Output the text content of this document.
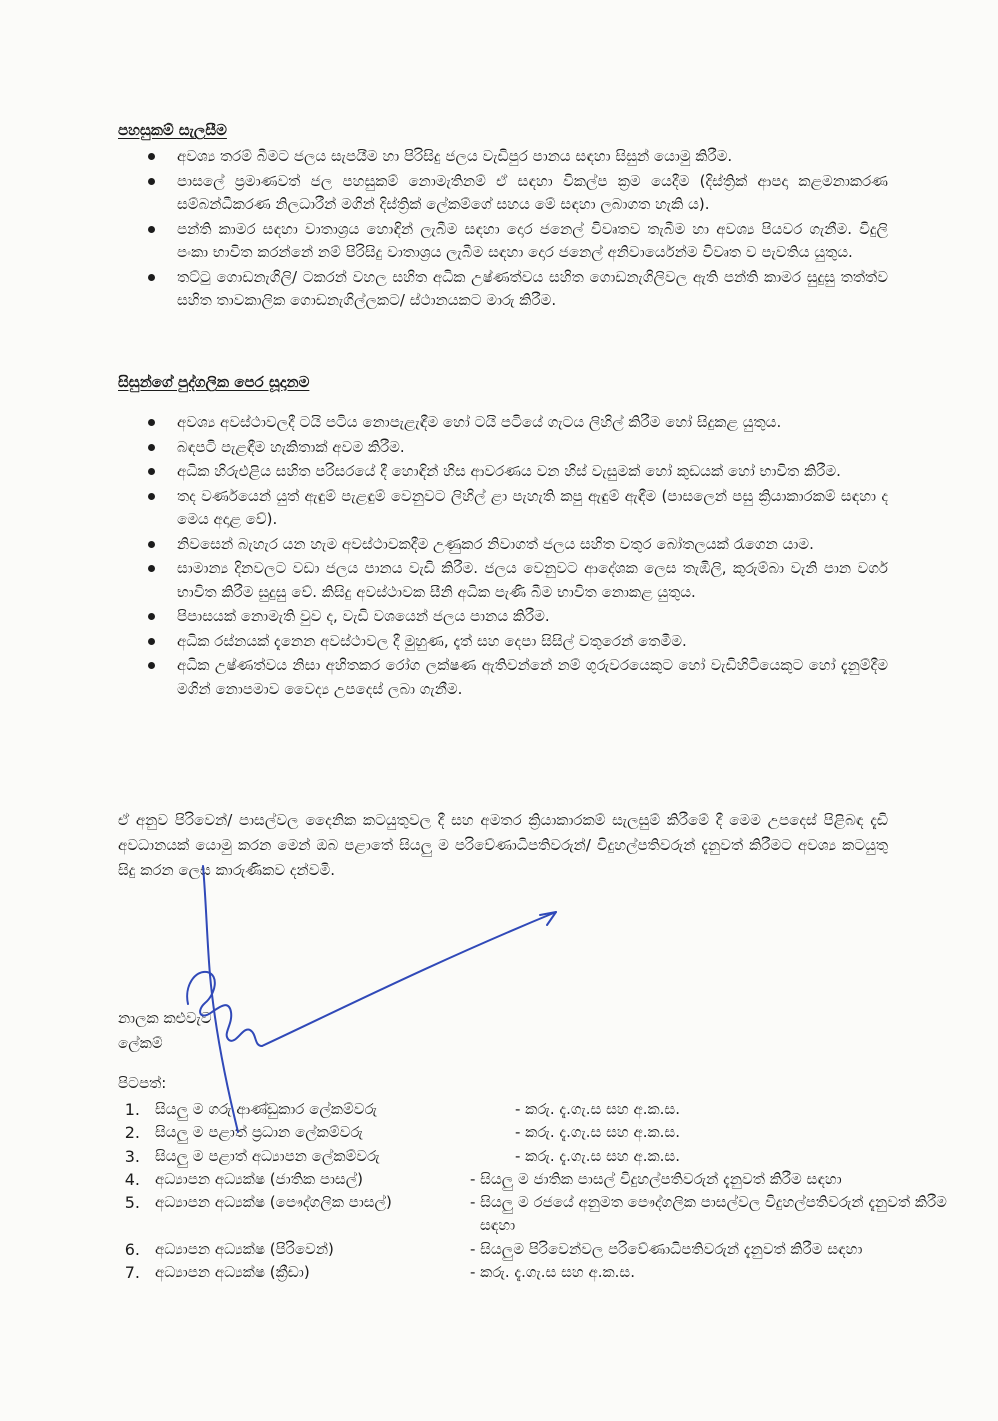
පහසුකම් සැලසීම
අවශ්‍ය තරම් බීමට ජලය සැපයීම හා පිරිසිදු ජලය වැඩිපුර පානය සඳහා සිසුන් යොමු කිරීම.
පාසලේ ප්‍රමාණවත් ජල පහසුකම් නොමැතිනම් ඒ සඳහා විකල්ප ක්‍රම යෙදීම (දිස්ත්‍රික් ආපදා කළමනාකරණ සම්බන්ධීකරණ නිලධාරීන් මගින් දිස්ත්‍රික් ලේකම්ගේ සහය මේ සඳහා ලබාගත හැකි ය).
පන්ති කාමර සඳහා වාතාශ්‍රය හොඳින් ලැබීම සඳහා දොර ජනෙල් විවෘතව තැබීම හා අවශ්‍ය පියවර ගැනීම. විදුලි පංකා භාවිත කරන්නේ නම් පිරිසිදු වාතාශ්‍රය ලැබීම සඳහා දොර ජනෙල් අනිවාර්යෙන්ම විවෘත ව පැවතිය යුතුය.
තට්ටු ගොඩනැගිලි/ ටකරන් වහල සහිත අධික උෂ්ණත්වය සහිත ගොඩනැගිලිවල ඇති පන්ති කාමර සුදුසු තත්ත්ව සහිත තාවකාලික ගොඩනැගිල්ලකට/ ස්ථානයකට මාරු කිරීම.
සිසුන්ගේ පුද්ගලික පෙර සූදානම
අවශ්‍ය අවස්ථාවලදී ටයි පටිය නොපැළැඳීම හෝ ටයි පටියේ ගැටය ලිහිල් කිරීම හෝ සිදුකළ යුතුය.
බඳපටි පැළඳීම හැකිතාක් අවම කිරීම.
අධික හිරුඑළිය සහිත පරිසරයේ දී හොඳින් හිස ආවරණය වන හිස් වැසුමක් හෝ කුඩයක් හෝ භාවිත කිරීම.
තද වර්ණයෙන් යුත් ඇඳුම් පැළඳුම් වෙනුවට ලිහිල් ළා පැහැති කපු ඇඳුම් ඇඳීම (පාසලෙන් පසු ක්‍රියාකාරකම් සඳහා ද මෙය අදාළ වේ).
නිවසෙන් බැහැර යන හැම අවස්ථාවකදීම උණුකර නිවාගත් ජලය සහිත වතුර බෝතලයක් රැගෙන යාම.
සාමාන්‍ය දිනවලට වඩා ජලය පානය වැඩි කිරීම. ජලය වෙනුවට ආදේශක ලෙස තැඹිලි, කුරුම්බා වැනි පාන වර්ග භාවිත කිරීම සුදුසු වේ. කිසිදු අවස්ථාවක සීනි අධික පැණි බීම භාවිත නොකළ යුතුය.
පිපාසයක් නොමැති වුව ද, වැඩි වශයෙන් ජලය පානය කිරීම.
අධික රස්නයක් දැනෙන අවස්ථාවල දී මුහුණ, දෑත් සහ දෙපා සිසිල් වතුරෙන් තෙමීම.
අධික උෂ්ණත්වය නිසා අහිතකර රෝග ලක්ෂණ ඇතිවන්නේ නම් ගුරුවරයෙකුට හෝ වැඩිහිටියෙකුට හෝ දැනුම්දීම මගින් නොපමාව වෛද්‍ය උපදෙස් ලබා ගැනීම.

ඒ අනුව පිරිවෙන්/ පාසල්වල දෛනික කටයුතුවල දී සහ අමතර ක්‍රියාකාරකම් සැලසුම් කිරීමේ දී මෙම උපදෙස් පිළිබඳ දැඩි අවධානයක් යොමු කරන මෙන් ඔබ පළාතේ සියලු ම පරිවේණාධිපතිවරුන්/ විදුහල්පතිවරුන් දැනුවත් කිරීමට අවශ්‍ය කටයුතු සිදු කරන ලෙස කාරුණිකව දන්වමි.

නාලක කළුවැව
ලේකම්
පිටපත්:
1.	සියලු ම ගරු ආණ්ඩුකාර ලේකම්වරු	- කරු. දැ.ගැ.ස සහ අ.ක.ස.
2.	සියලු ම පළාත් ප්‍රධාන ලේකම්වරු	- කරු. දැ.ගැ.ස සහ අ.ක.ස.
3.	සියලු ම පළාත් අධ්‍යාපන ලේකම්වරු	- කරු. දැ.ගැ.ස සහ අ.ක.ස.
4.	අධ්‍යාපන අධ්‍යක්ෂ (ජාතික පාසල්)	- සියලු ම ජාතික පාසල් විදුහල්පතිවරුන් දැනුවත් කිරීම සඳහා
5.	අධ්‍යාපන අධ්‍යක්ෂ (පෞද්ගලික පාසල්)	- සියලු ම රජයේ අනුමත පෞද්ගලික පාසල්වල විදුහල්පතිවරුන් දැනුවත් කිරීම සඳහා
6.	අධ්‍යාපන අධ්‍යක්ෂ (පිරිවෙන්)	- සියලුම පිරිවෙන්වල පරිවේණාධිපතිවරුන් දැනුවත් කිරීම සඳහා
7.	අධ්‍යාපන අධ්‍යක්ෂ (ක්‍රීඩා)	- කරු. දැ.ගැ.ස සහ අ.ක.ස.
